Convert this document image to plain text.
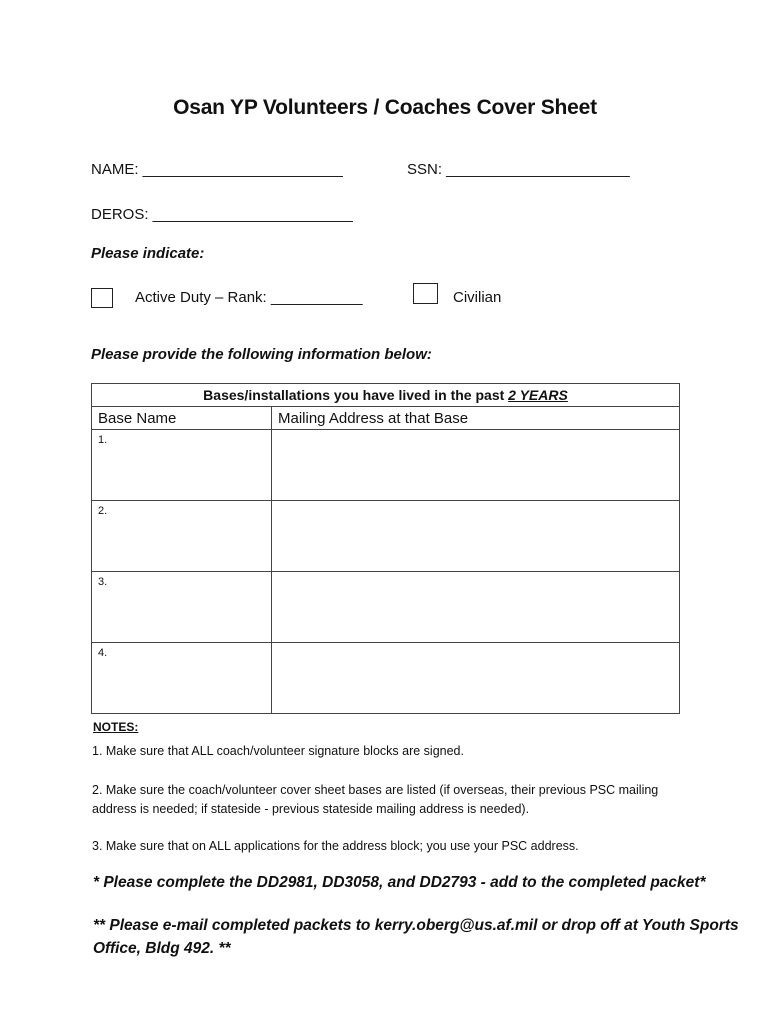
Osan YP Volunteers / Coaches Cover Sheet
NAME: ________________________	SSN: ______________________
DEROS: ________________________
Please indicate:
Active Duty – Rank: ___________	Civilian
Please provide the following information below:
Bases/installations you have lived in the past 2 YEARS	
Base Name	Mailing Address at that Base
1.	
2.	
3.	
4.	
NOTES:
1. Make sure that ALL coach/volunteer signature blocks are signed.
2. Make sure the coach/volunteer cover sheet bases are listed (if overseas, their previous PSC mailing address is needed; if stateside - previous stateside mailing address is needed).
3. Make sure that on ALL applications for the address block; you use your PSC address.
* Please complete the DD2981, DD3058, and DD2793 - add to the completed packet*
** Please e-mail completed packets to kerry.oberg@us.af.mil or drop off at Youth Sports Office, Bldg 492. **
